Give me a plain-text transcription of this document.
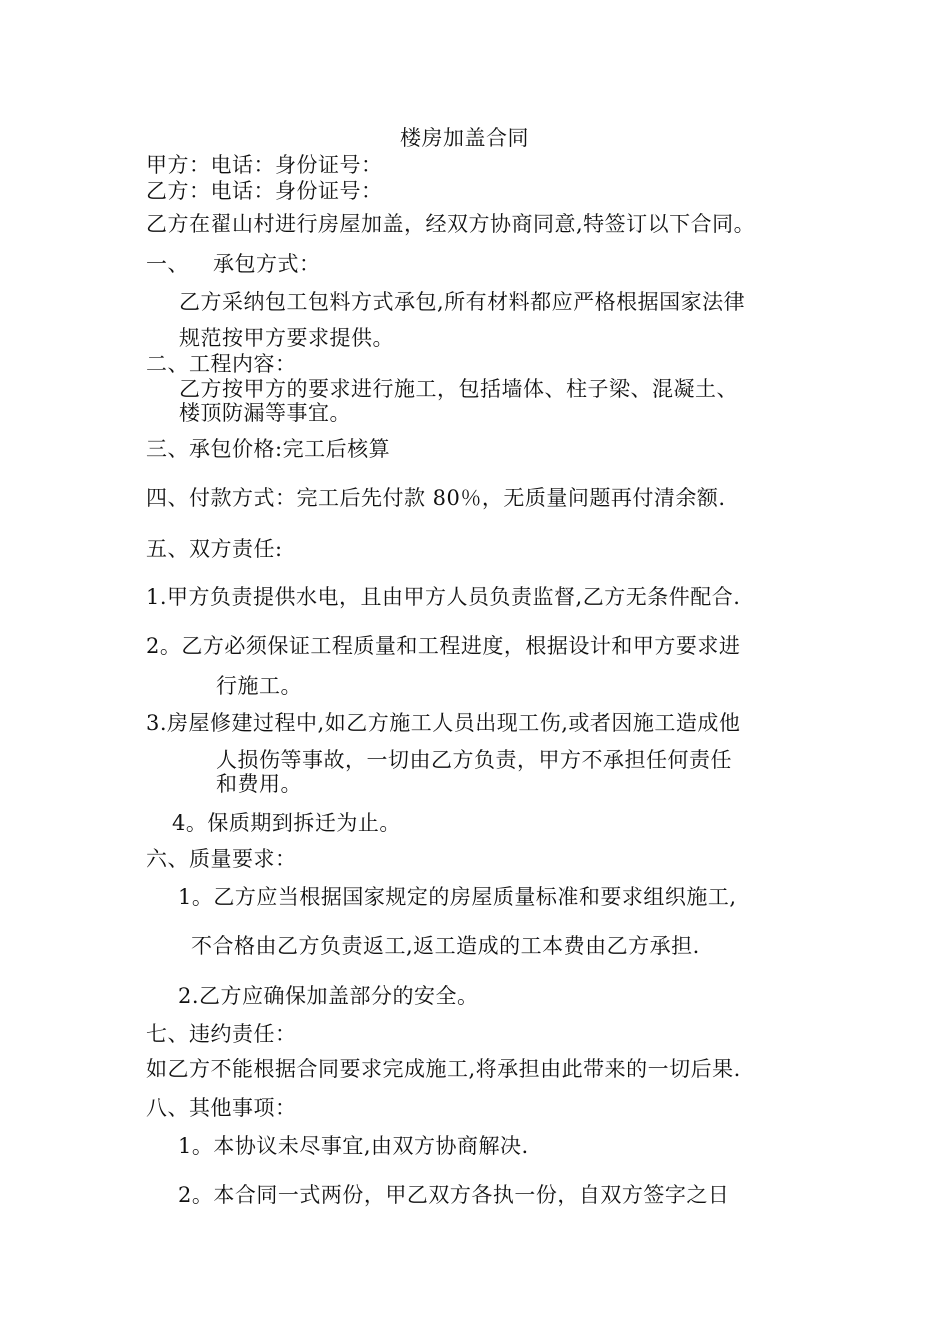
楼房加盖合同
甲方：电话：身份证号：
乙方：电话：身份证号：
乙方在翟山村进行房屋加盖，经双方协商同意,特签订以下合同。
一、 承包方式：
乙方采纳包工包料方式承包,所有材料都应严格根据国家法律
规范按甲方要求提供。
二、工程内容：
乙方按甲方的要求进行施工，包括墙体、柱子梁、混凝土、
楼顶防漏等事宜。
三、承包价格:完工后核算
四、付款方式：完工后先付款 80％，无质量问题再付清余额.
五、双方责任:
1.甲方负责提供水电，且由甲方人员负责监督,乙方无条件配合.
2。乙方必须保证工程质量和工程进度，根据设计和甲方要求进
行施工。
3.房屋修建过程中,如乙方施工人员出现工伤,或者因施工造成他
人损伤等事故，一切由乙方负责，甲方不承担任何责任
和费用。
4。保质期到拆迁为止。
六、质量要求：
1。乙方应当根据国家规定的房屋质量标准和要求组织施工,
不合格由乙方负责返工,返工造成的工本费由乙方承担.
2.乙方应确保加盖部分的安全。
七、违约责任：
如乙方不能根据合同要求完成施工,将承担由此带来的一切后果.
八、其他事项：
1。本协议未尽事宜,由双方协商解决.
2。本合同一式两份，甲乙双方各执一份，自双方签字之日
